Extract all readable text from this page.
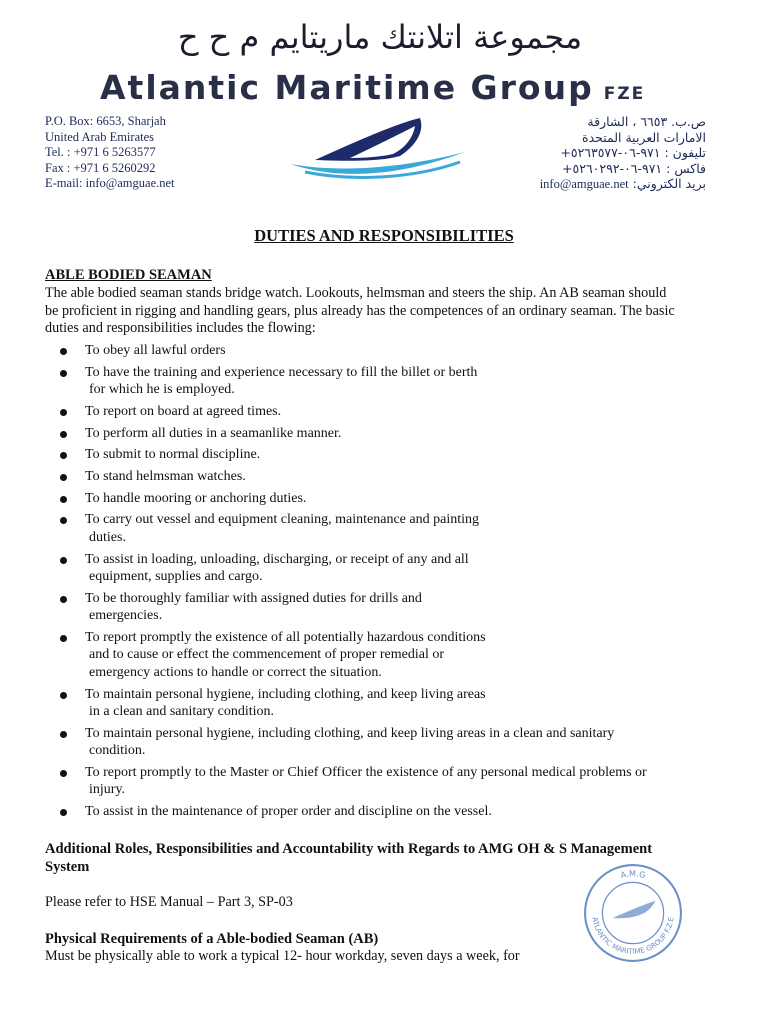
مجموعة اتلانتك ماريتايم م ح ح
Atlantic Maritime Group FZE
P.O. Box: 6653, Sharjah
United Arab Emirates
Tel. : +971 6 5263577
Fax : +971 6 5260292
E-mail: info@amguae.net
ص.ب. ٦٦٥٣ ، الشارقة
الامارات العربية المتحدة
تليفون : ٩٧١-٠٦-٥٢٦٣٥٧٧+
فاكس : ٩٧١-٠٦-٥٢٦٠٢٩٢+
بريد الكتروني: info@amguae.net
DUTIES AND RESPONSIBILITIES
ABLE BODIED SEAMAN
The able bodied seaman stands bridge watch. Lookouts, helmsman and steers the ship. An AB seaman should
be proficient in rigging and handling gears, plus already has the competences of an ordinary seaman. The basic
duties and responsibilities includes the flowing:
To obey all lawful orders
To have the training and experience necessary to fill the billet or berth
for which he is employed.
To report on board at agreed times.
To perform all duties in a seamanlike manner.
To submit to normal discipline.
To stand helmsman watches.
To handle mooring or anchoring duties.
To carry out vessel and equipment cleaning, maintenance and painting
duties.
To assist in loading, unloading, discharging, or receipt of any and all
equipment, supplies and cargo.
To be thoroughly familiar with assigned duties for drills and
emergencies.
To report promptly the existence of all potentially hazardous conditions
and to cause or effect the commencement of proper remedial or
emergency actions to handle or correct the situation.
To maintain personal hygiene, including clothing, and keep living areas
in a clean and sanitary condition.
To maintain personal hygiene, including clothing, and keep living areas in a clean and sanitary
condition.
To report promptly to the Master or Chief Officer the existence of any personal medical problems or
injury.
To assist in the maintenance of proper order and discipline on the vessel.
Additional Roles, Responsibilities and Accountability with Regards to AMG OH & S Management
System
Please refer to HSE Manual – Part 3, SP-03
Physical Requirements of a Able-bodied Seaman (AB)
Must be physically able to work a typical 12- hour workday, seven days a week, for
A.M.G
ATLANTIC MARITIME GROUP F.Z.E
